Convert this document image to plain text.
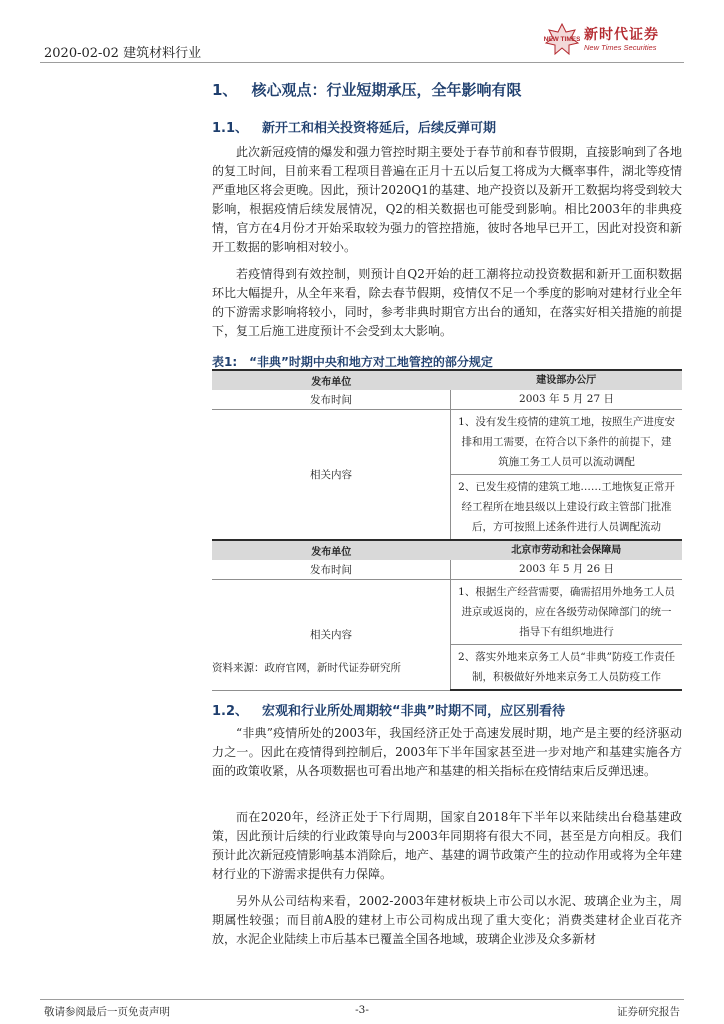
2020-02-02 建筑材料行业
NEW TIMES 新时代证券
New Times Securities
1、 核心观点：行业短期承压，全年影响有限
1.1、 新开工和相关投资将延后，后续反弹可期
此次新冠疫情的爆发和强力管控时期主要处于春节前和春节假期，直接影响到了各地的复工时间，目前来看工程项目普遍在正月十五以后复工将成为大概率事件，湖北等疫情严重地区将会更晚。因此，预计2020Q1的基建、地产投资以及新开工数据均将受到较大影响，根据疫情后续发展情况，Q2的相关数据也可能受到影响。相比2003年的非典疫情，官方在4月份才开始采取较为强力的管控措施，彼时各地早已开工，因此对投资和新开工数据的影响相对较小。
若疫情得到有效控制，则预计自Q2开始的赶工潮将拉动投资数据和新开工面积数据环比大幅提升，从全年来看，除去春节假期，疫情仅不足一个季度的影响对建材行业全年的下游需求影响将较小，同时，参考非典时期官方出台的通知，在落实好相关措施的前提下，复工后施工进度预计不会受到太大影响。
表1: “非典”时期中央和地方对工地管控的部分规定
发布单位	建设部办公厅
发布时间	2003 年 5 月 27 日
相关内容	1、没有发生疫情的建筑工地，按照生产进度安排和用工需要，在符合以下条件的前提下，建筑施工务工人员可以流动调配
	2、已发生疫情的建筑工地……工地恢复正常开经工程所在地县级以上建设行政主管部门批准后，方可按照上述条件进行人员调配流动
发布单位	北京市劳动和社会保障局
发布时间	2003 年 5 月 26 日
相关内容	1、根据生产经营需要，确需招用外地务工人员进京或返岗的，应在各级劳动保障部门的统一指导下有组织地进行
	2、落实外地来京务工人员“非典”防疫工作责任制，积极做好外地来京务工人员防疫工作
资料来源：政府官网，新时代证券研究所
1.2、 宏观和行业所处周期较“非典”时期不同，应区别看待
“非典”疫情所处的2003年，我国经济正处于高速发展时期，地产是主要的经济驱动力之一。因此在疫情得到控制后，2003年下半年国家甚至进一步对地产和基建实施各方面的政策收紧，从各项数据也可看出地产和基建的相关指标在疫情结束后反弹迅速。
而在2020年，经济正处于下行周期，国家自2018年下半年以来陆续出台稳基建政策，因此预计后续的行业政策导向与2003年同期将有很大不同，甚至是方向相反。我们预计此次新冠疫情影响基本消除后，地产、基建的调节政策产生的拉动作用或将为全年建材行业的下游需求提供有力保障。
另外从公司结构来看，2002-2003年建材板块上市公司以水泥、玻璃企业为主，周期属性较强；而目前A股的建材上市公司构成出现了重大变化；消费类建材企业百花齐放，水泥企业陆续上市后基本已覆盖全国各地域，玻璃企业涉及众多新材
敬请参阅最后一页免责声明	-3-	证券研究报告
